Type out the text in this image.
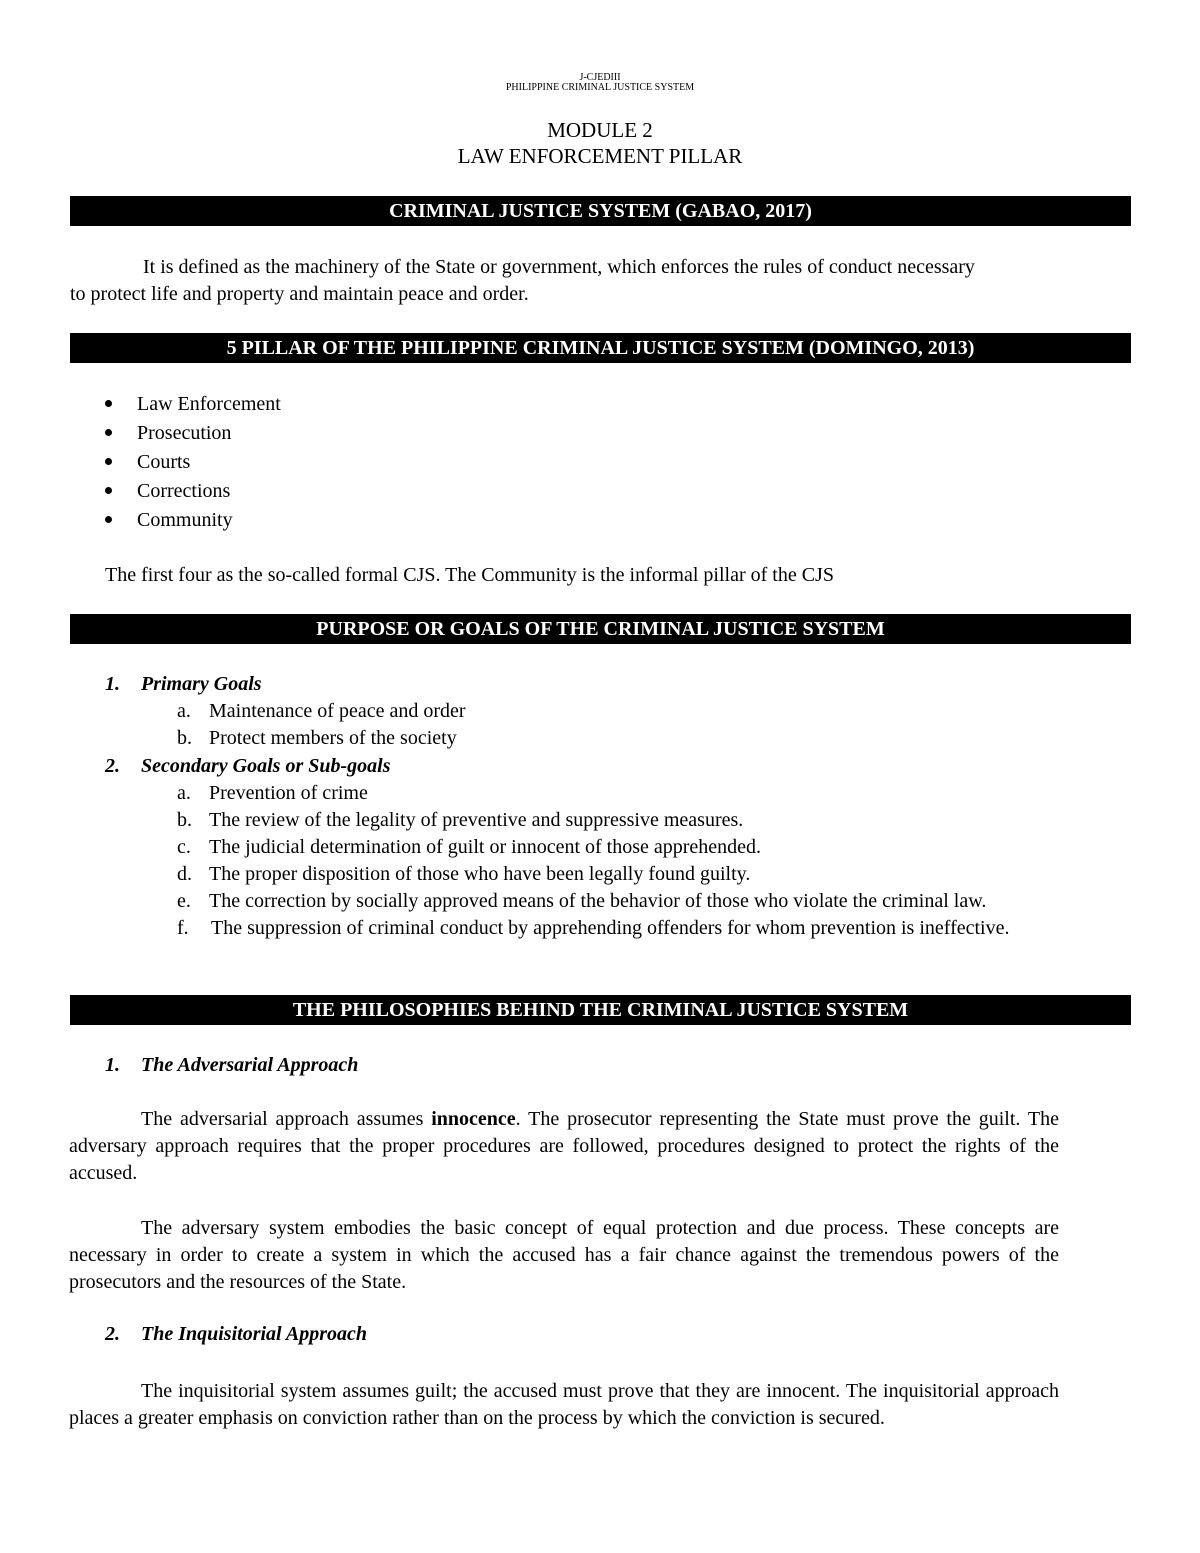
J-CJEDIII
PHILIPPINE CRIMINAL JUSTICE SYSTEM
MODULE 2
LAW ENFORCEMENT PILLAR
CRIMINAL JUSTICE SYSTEM (GABAO, 2017)
It is defined as the machinery of the State or government, which enforces the rules of conduct necessary
to protect life and property and maintain peace and order.
5 PILLAR OF THE PHILIPPINE CRIMINAL JUSTICE SYSTEM (DOMINGO, 2013)
Law Enforcement
Prosecution
Courts
Corrections
Community
The first four as the so-called formal CJS. The Community is the informal pillar of the CJS
PURPOSE OR GOALS OF THE CRIMINAL JUSTICE SYSTEM
1. Primary Goals
a. Maintenance of peace and order
b. Protect members of the society
2. Secondary Goals or Sub-goals
a. Prevention of crime
b. The review of the legality of preventive and suppressive measures.
c. The judicial determination of guilt or innocent of those apprehended.
d. The proper disposition of those who have been legally found guilty.
e. The correction by socially approved means of the behavior of those who violate the criminal law.
f.	The suppression of criminal conduct by apprehending offenders for whom prevention is ineffective.
THE PHILOSOPHIES BEHIND THE CRIMINAL JUSTICE SYSTEM
1. The Adversarial Approach
The adversarial approach assumes innocence. The prosecutor representing the State must prove the guilt. The adversary approach requires that the proper procedures are followed, procedures designed to protect the rights of the accused.
The adversary system embodies the basic concept of equal protection and due process. These concepts are necessary in order to create a system in which the accused has a fair chance against the tremendous powers of the prosecutors and the resources of the State.
2. The Inquisitorial Approach
The inquisitorial system assumes guilt; the accused must prove that they are innocent. The inquisitorial approach places a greater emphasis on conviction rather than on the process by which the conviction is secured.
